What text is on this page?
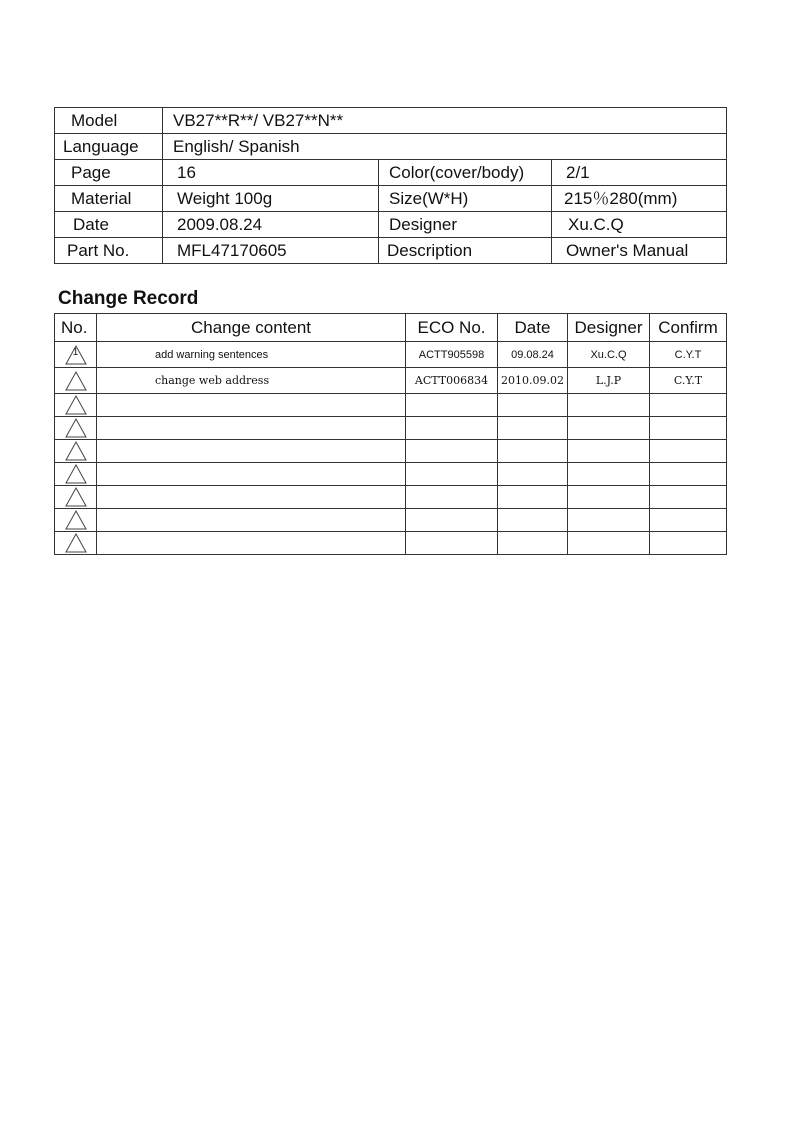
Model	VB27**R**/ VB27**N**		
Language	English/ Spanish		
Page	16	Color(cover/body)	2/1
Material	Weight 100g	Size(W*H)	215％280(mm)
Date	2009.08.24	Designer	Xu.C.Q
Part No.	MFL47170605	Description	Owner's Manual
Change Record
No.	Change content	ECO No.	Date	Designer	Confirm

1	add warning sentences	ACTT905598	09.08.24	Xu.C.Q	C.Y.T

	change web address	ACTT006834	2010.09.02	L.J.P	C.Y.T
